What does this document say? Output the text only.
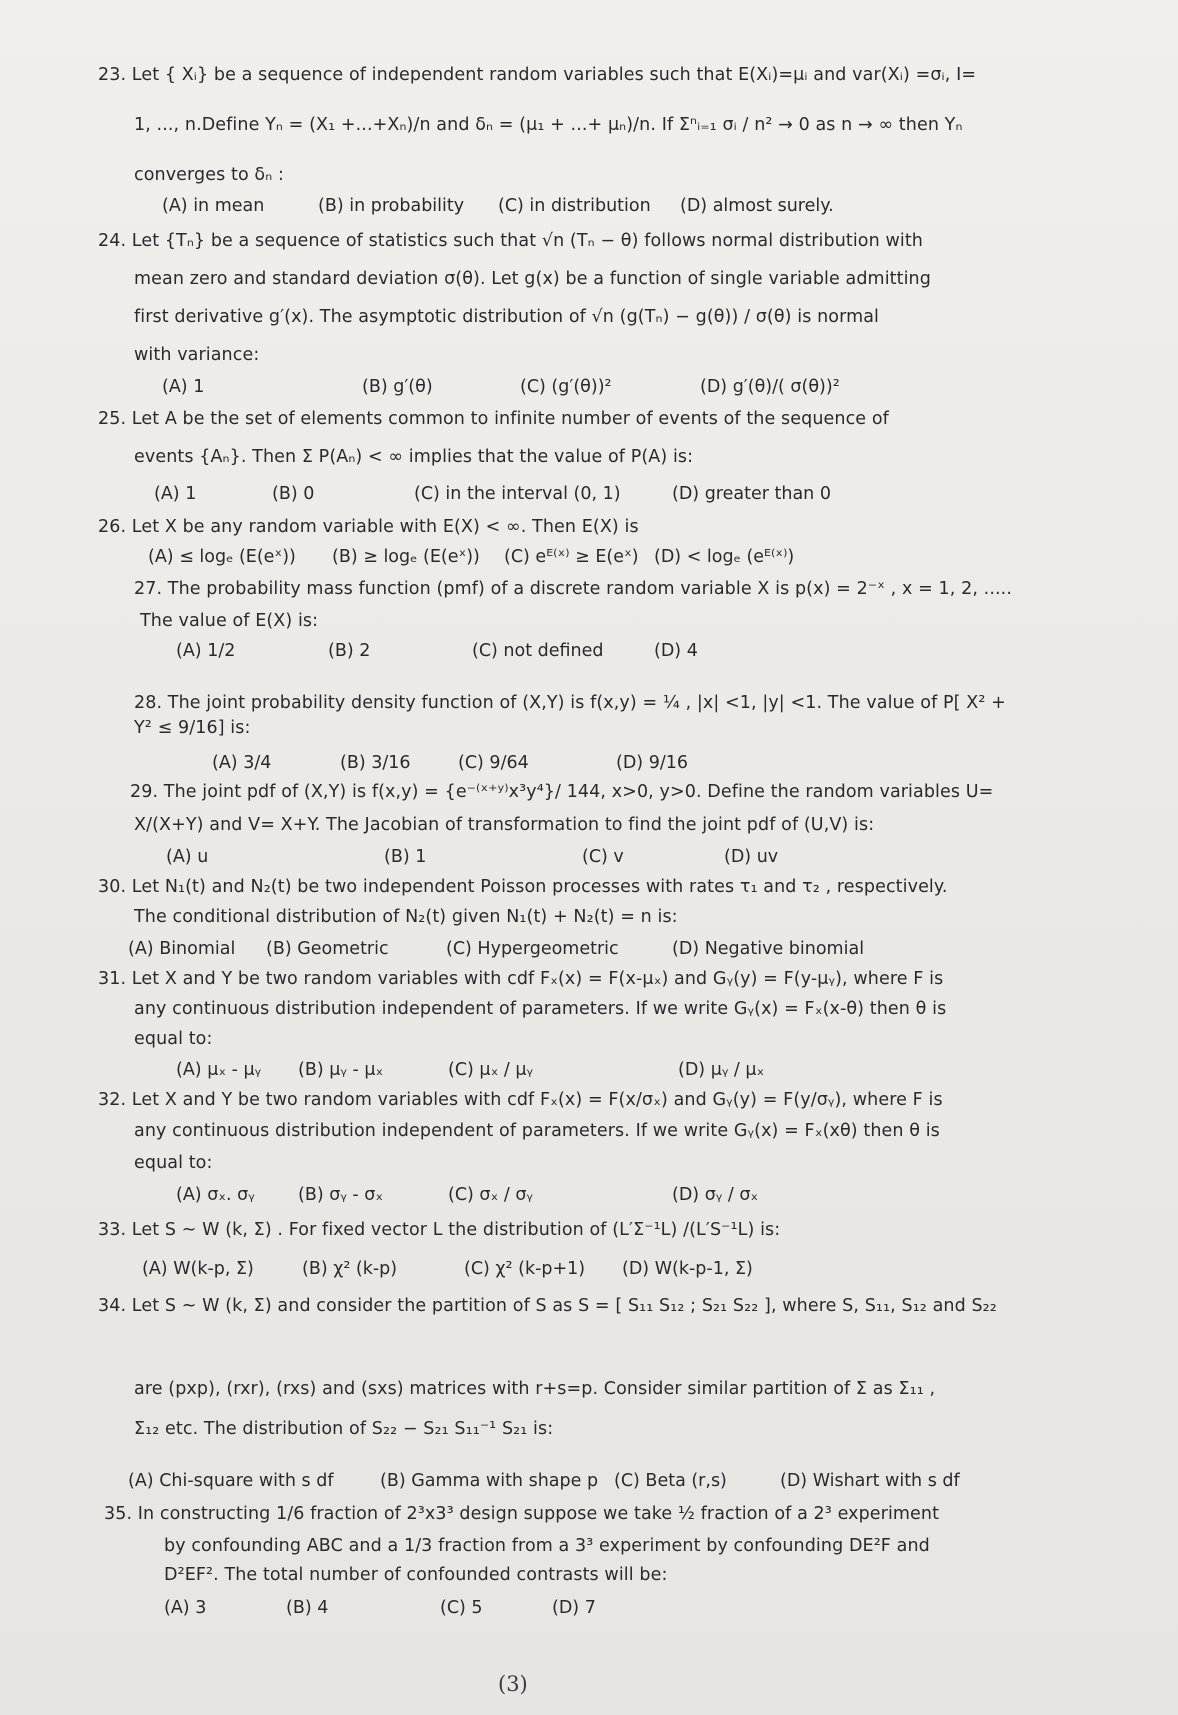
23. Let { Xᵢ} be a sequence of independent random variables such that E(Xᵢ)=μᵢ and var(Xᵢ) =σᵢ, I=
1, ..., n.Define Yₙ = (X₁ +...+Xₙ)/n and δₙ = (μ₁ + ...+ μₙ)/n. If Σⁿᵢ₌₁ σᵢ / n² → 0 as n → ∞ then Yₙ
converges to δₙ :
(A) in mean	(B) in probability (C) in distribution (D) almost surely.
24. Let {Tₙ} be a sequence of statistics such that √n (Tₙ − θ) follows normal distribution with
mean zero and standard deviation σ(θ). Let g(x) be a function of single variable admitting
first derivative g′(x). The asymptotic distribution of √n (g(Tₙ) − g(θ)) / σ(θ) is normal
with variance:
(A) 1	(B) g′(θ)	(C) (g′(θ))²	(D) g′(θ)/( σ(θ))²
25. Let A be the set of elements common to infinite number of events of the sequence of
events {Aₙ}. Then Σ P(Aₙ) < ∞ implies that the value of P(A) is:
(A) 1	(B) 0	(C) in the interval (0, 1)	(D) greater than 0
26. Let X be any random variable with E(X) < ∞. Then E(X) is
(A) ≤ logₑ (E(eˣ)) (B) ≥ logₑ (E(eˣ)) (C) eᴱ⁽ˣ⁾ ≥ E(eˣ) (D) < logₑ (eᴱ⁽ˣ⁾)
27. The probability mass function (pmf) of a discrete random variable X is p(x) = 2⁻ˣ , x = 1, 2, .....
The value of E(X) is:
(A) 1/2	(B) 2	(C) not defined	(D) 4
28. The joint probability density function of (X,Y) is f(x,y) = ¼ , |x| <1, |y| <1. The value of P[ X² +
Y² ≤ 9/16] is:
(A) 3/4	(B) 3/16	(C) 9/64	(D) 9/16
29. The joint pdf of (X,Y) is f(x,y) = {e⁻⁽ˣ⁺ʸ⁾x³y⁴}/ 144, x>0, y>0. Define the random variables U=
X/(X+Y) and V= X+Y. The Jacobian of transformation to find the joint pdf of (U,V) is:
(A) u	(B) 1	(C) v	(D) uv
30. Let N₁(t) and N₂(t) be two independent Poisson processes with rates τ₁ and τ₂ , respectively.
The conditional distribution of N₂(t) given N₁(t) + N₂(t) = n is:
(A) Binomial (B) Geometric	(C) Hypergeometric	(D) Negative binomial
31. Let X and Y be two random variables with cdf Fₓ(x) = F(x-μₓ) and Gᵧ(y) = F(y-μᵧ), where F is
any continuous distribution independent of parameters. If we write Gᵧ(x) = Fₓ(x-θ) then θ is
equal to:
(A) μₓ - μᵧ (B) μᵧ - μₓ	(C) μₓ / μᵧ	(D) μᵧ / μₓ
32. Let X and Y be two random variables with cdf Fₓ(x) = F(x/σₓ) and Gᵧ(y) = F(y/σᵧ), where F is
any continuous distribution independent of parameters. If we write Gᵧ(x) = Fₓ(xθ) then θ is
equal to:
(A) σₓ. σᵧ (B) σᵧ - σₓ	(C) σₓ / σᵧ	(D) σᵧ / σₓ
33. Let S ~ W (k, Σ) . For fixed vector L the distribution of (L′Σ⁻¹L) /(L′S⁻¹L) is:
(A) W(k-p, Σ)	(B) χ² (k-p)	(C) χ² (k-p+1) (D) W(k-p-1, Σ)
34. Let S ~ W (k, Σ) and consider the partition of S as S = [ S₁₁ S₁₂ ; S₂₁ S₂₂ ], where S, S₁₁, S₁₂ and S₂₂
are (pxp), (rxr), (rxs) and (sxs) matrices with r+s=p. Consider similar partition of Σ as Σ₁₁ ,
Σ₁₂ etc. The distribution of S₂₂ − S₂₁ S₁₁⁻¹ S₂₁ is:
(A) Chi-square with s df	(B) Gamma with shape p (C) Beta (r,s)	(D) Wishart with s df
35. In constructing 1/6 fraction of 2³x3³ design suppose we take ½ fraction of a 2³ experiment
by confounding ABC and a 1/3 fraction from a 3³ experiment by confounding DE²F and
D²EF². The total number of confounded contrasts will be:
(A) 3	(B) 4	(C) 5	(D) 7
(3)
